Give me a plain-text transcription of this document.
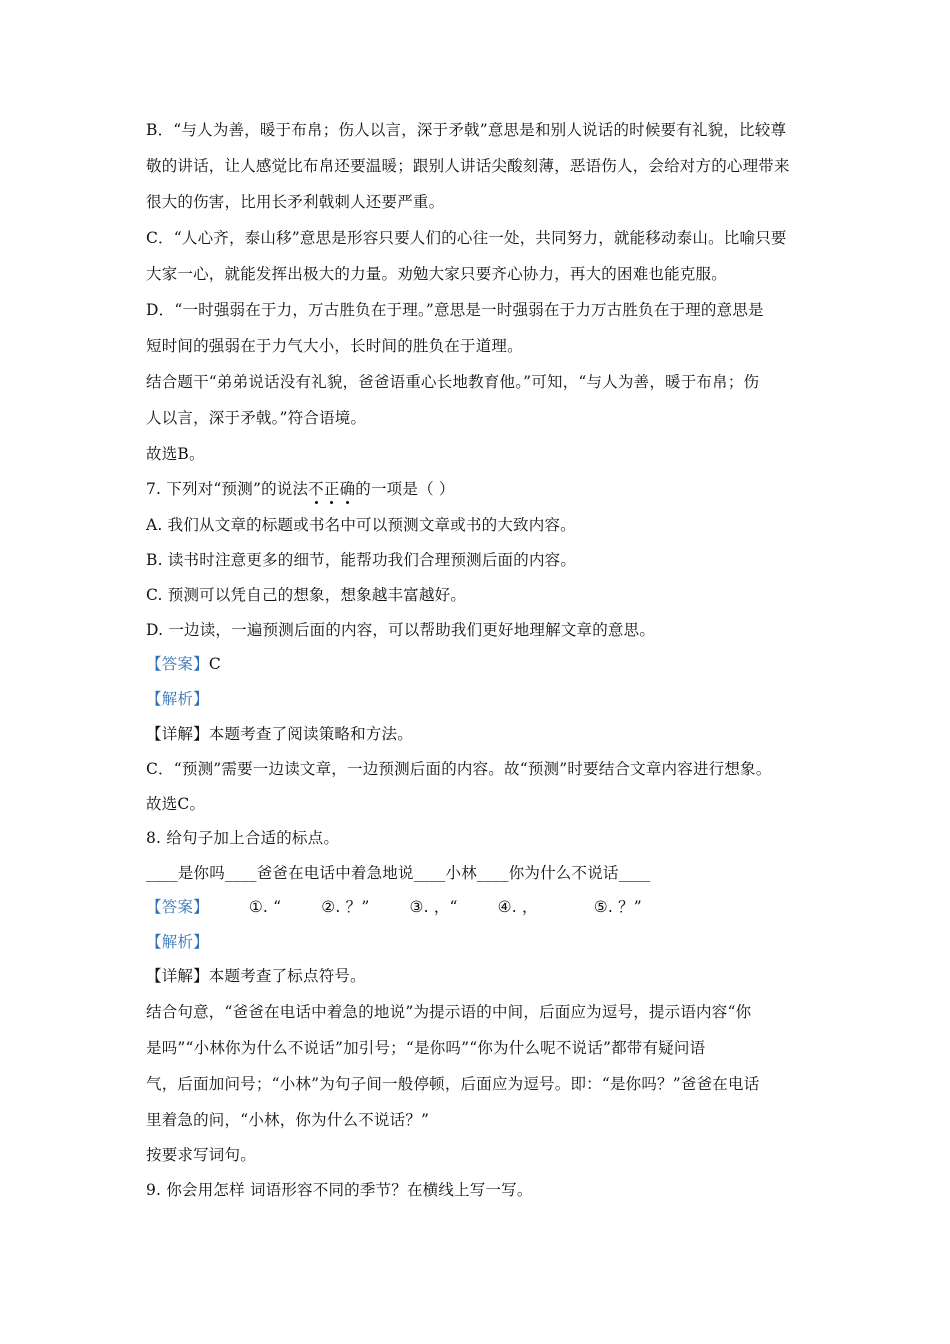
B．“与人为善，暖于布帛；伤人以言，深于矛戟”意思是和别人说话的时候要有礼貌，比较尊
敬的讲话，让人感觉比布帛还要温暖；跟别人讲话尖酸刻薄，恶语伤人，会给对方的心理带来
很大的伤害，比用长矛利戟刺人还要严重。
C．“人心齐，泰山移”意思是形容只要人们的心往一处，共同努力，就能移动泰山。比喻只要
大家一心，就能发挥出极大的力量。劝勉大家只要齐心协力，再大的困难也能克服。
D．“一时强弱在于力，万古胜负在于理。”意思是一时强弱在于力万古胜负在于理的意思是
短时间的强弱在于力气大小，长时间的胜负在于道理。
结合题干“弟弟说话没有礼貌，爸爸语重心长地教育他。”可知，“与人为善，暖于布帛；伤
人以言，深于矛戟。”符合语境。
故选B。
7. 下列对“预测”的说法不正确的一项是（ ）
A. 我们从文章的标题或书名中可以预测文章或书的大致内容。
B. 读书时注意更多的细节，能帮功我们合理预测后面的内容。
C. 预测可以凭自己的想象，想象越丰富越好。
D. 一边读，一遍预测后面的内容，可以帮助我们更好地理解文章的意思。
【答案】C
【解析】
【详解】本题考查了阅读策略和方法。
C．“预测”需要一边读文章，一边预测后面的内容。故“预测”时要结合文章内容进行想象。
故选C。
8. 给句子加上合适的标点。
____是你吗____爸爸在电话中着急地说____小林____你为什么不说话____
【答案】	①. “	②. ？”	③. ，“	④. ，	⑤. ？”
【解析】
【详解】本题考查了标点符号。
结合句意，“爸爸在电话中着急的地说”为提示语的中间，后面应为逗号，提示语内容“你
是吗”“小林你为什么不说话”加引号；“是你吗”“你为什么呢不说话”都带有疑问语
气，后面加问号；“小林”为句子间一般停顿，后面应为逗号。即：“是你吗？”爸爸在电话
里着急的问，“小林，你为什么不说话？”
按要求写词句。
9. 你会用怎样 词语形容不同的季节？在横线上写一写。
